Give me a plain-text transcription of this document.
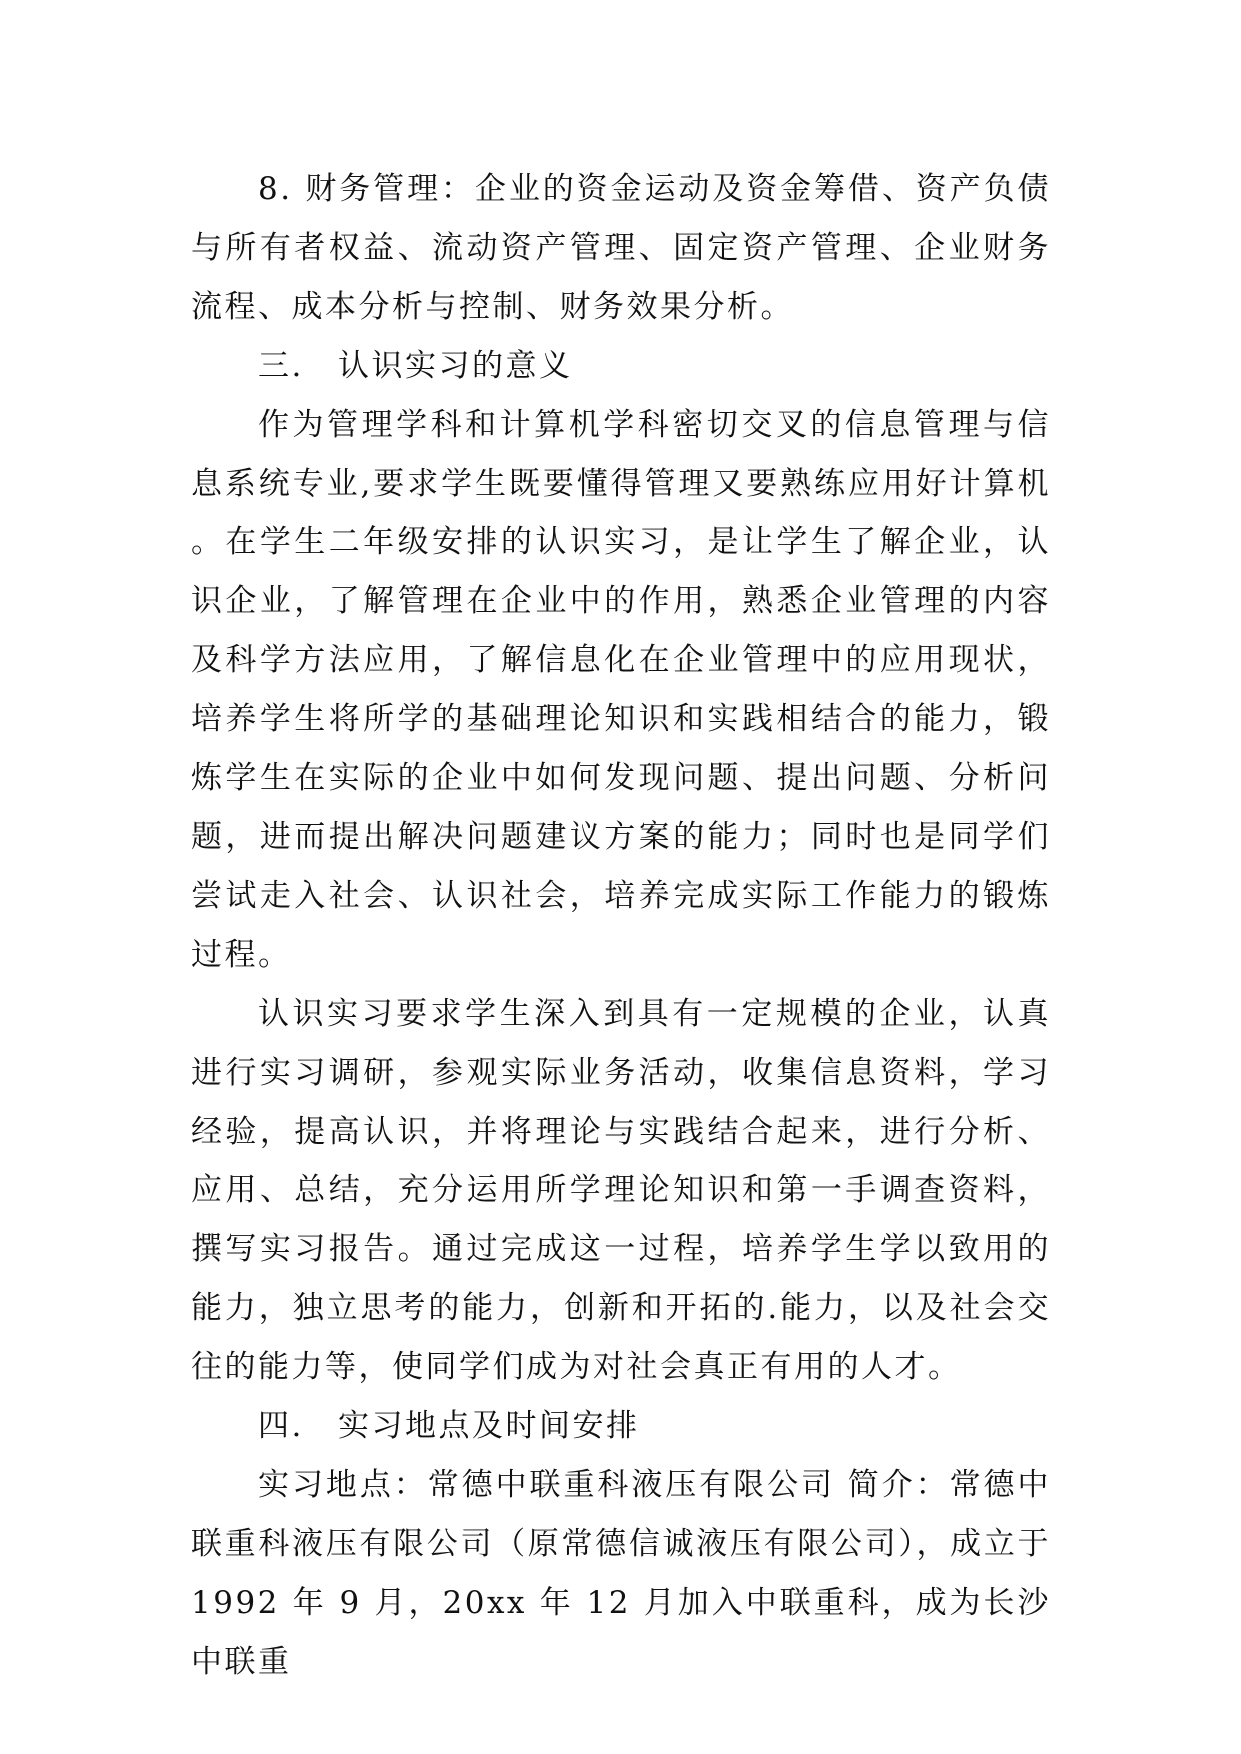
8. 财务管理：企业的资金运动及资金筹借、资产负债与所有者权益、流动资产管理、固定资产管理、企业财务流程、成本分析与控制、财务效果分析。

三. 认识实习的意义

作为管理学科和计算机学科密切交叉的信息管理与信息系统专业,要求学生既要懂得管理又要熟练应用好计算机。在学生二年级安排的认识实习，是让学生了解企业，认识企业，了解管理在企业中的作用，熟悉企业管理的内容及科学方法应用，了解信息化在企业管理中的应用现状，培养学生将所学的基础理论知识和实践相结合的能力，锻炼学生在实际的企业中如何发现问题、提出问题、分析问题，进而提出解决问题建议方案的能力；同时也是同学们尝试走入社会、认识社会，培养完成实际工作能力的锻炼过程。

认识实习要求学生深入到具有一定规模的企业，认真进行实习调研，参观实际业务活动，收集信息资料，学习经验，提高认识，并将理论与实践结合起来，进行分析、应用、总结，充分运用所学理论知识和第一手调查资料，撰写实习报告。通过完成这一过程，培养学生学以致用的能力，独立思考的能力，创新和开拓的.能力，以及社会交往的能力等，使同学们成为对社会真正有用的人才。

四. 实习地点及时间安排

实习地点：常德中联重科液压有限公司 简介：常德中联重科液压有限公司（原常德信诚液压有限公司），成立于 1992 年 9 月，20xx 年 12 月加入中联重科，成为长沙中联重
